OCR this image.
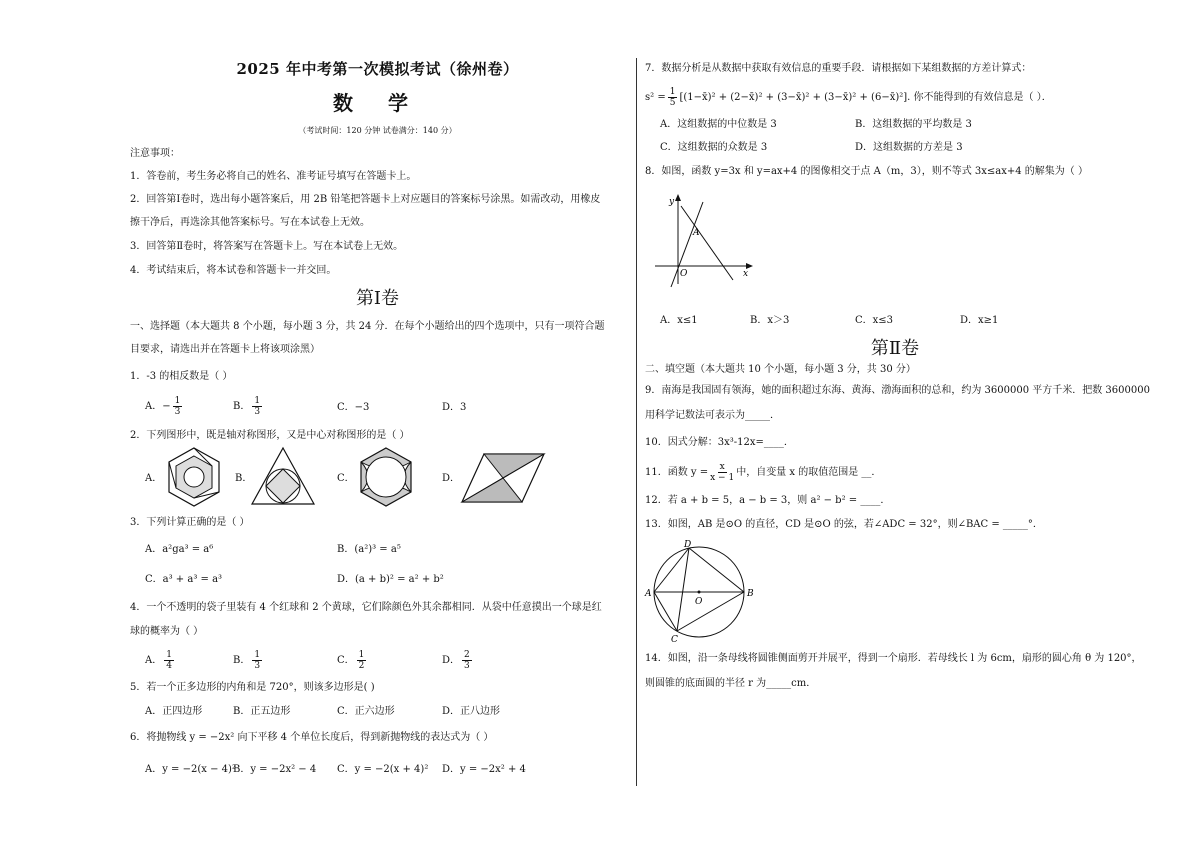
2025 年中考第一次模拟考试（徐州卷）
数 学
（考试时间：120 分钟 试卷满分：140 分）
注意事项：
1．答卷前，考生务必将自己的姓名、准考证号填写在答题卡上。
2．回答第Ⅰ卷时，选出每小题答案后，用 2B 铅笔把答题卡上对应题目的答案标号涂黑。如需改动，用橡皮
擦干净后，再选涂其他答案标号。写在本试卷上无效。
3．回答第Ⅱ卷时，将答案写在答题卡上。写在本试卷上无效。
4．考试结束后，将本试卷和答题卡一并交回。
第Ⅰ卷
一、选择题（本大题共 8 个小题，每小题 3 分，共 24 分．在每个小题给出的四个选项中，只有一项符合题
目要求，请选出并在答题卡上将该项涂黑）
1．-3 的相反数是（ ）
A．− $\frac{1}{3}$	B． $\frac{1}{3}$	C．−3	D．3
2．下列图形中，既是轴对称图形，又是中心对称图形的是（ ）
A．	B．	C．	D．
3．下列计算正确的是（ ）
A．a²ga³ = a⁶	B．(a²)³ = a⁵
C．a³ + a³ = a³	D．(a + b)² = a² + b²
4．一个不透明的袋子里装有 4 个红球和 2 个黄球，它们除颜色外其余都相同．从袋中任意摸出一个球是红
球的概率为（ ）
A． $\frac{1}{4}$	B． $\frac{1}{3}$	C． $\frac{1}{2}$	D． $\frac{2}{3}$
5．若一个正多边形的内角和是 720°，则该多边形是( )
A．正四边形	B．正五边形	C．正六边形	D．正八边形
6．将抛物线 y = −2x² 向下平移 4 个单位长度后，得到新抛物线的表达式为（ ）
A．y = −2(x − 4)²
B．y = −2x² − 4 C．y = −2(x + 4)² D．y = −2x² + 4
7．数据分析是从数据中获取有效信息的重要手段．请根据如下某组数据的方差计算式：
$s^2 = \frac{1}{5}$ [(1−x̄)² + (2−x̄)² + (3−x̄)² + (3−x̄)² + (6−x̄)²]. 你不能得到的有效信息是（ ）．
A．这组数据的中位数是 3	B．这组数据的平均数是 3
C．这组数据的众数是 3	D．这组数据的方差是 3
8．如图，函数 y=3x 和 y=ax+4 的图像相交于点 A（m，3），则不等式 3x≤ax+4 的解集为（ ）
y
x
A
O
A．x≤1	B．x＞3	C．x≤3	D．x≥1
第Ⅱ卷
二、填空题（本大题共 10 个小题，每小题 3 分，共 30 分）
9．南海是我国固有领海，她的面积超过东海、黄海、渤海面积的总和，约为 3600000 平方千米．把数 3600000
用科学记数法可表示为_____．
10．因式分解：3x³-12x=____．
11．函数 $y = \frac{x}{x - 1}$ 中，自变量 x 的取值范围是 __．
12．若 a + b = 5，a − b = 3，则 a² − b² = ____．
13．如图，AB 是⊙O 的直径，CD 是⊙O 的弦，若∠ADC = 32°，则∠BAC = _____°．
D
A
O
B
C
14．如图，沿一条母线将圆锥侧面剪开并展平，得到一个扇形．若母线长 l 为 6cm，扇形的圆心角 θ 为 120°，
则圆锥的底面圆的半径 r 为_____cm．
